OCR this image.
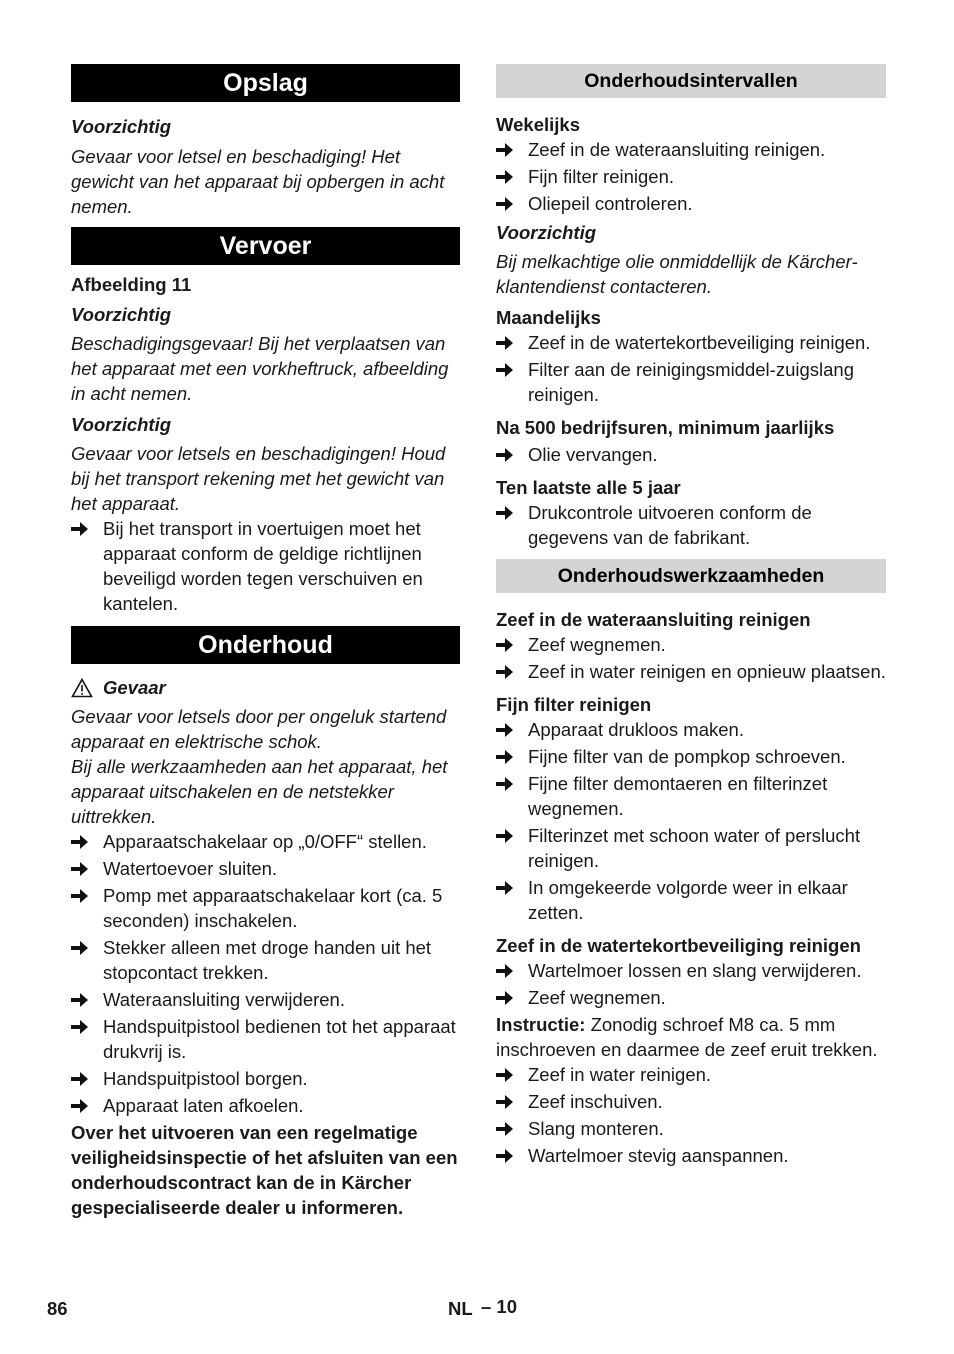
Opslag
Voorzichtig
Gevaar voor letsel en beschadiging! Het gewicht van het apparaat bij opbergen in acht nemen.
Vervoer
Afbeelding 11
Voorzichtig
Beschadigingsgevaar! Bij het verplaatsen van het apparaat met een vorkheftruck, afbeelding in acht nemen.
Voorzichtig
Gevaar voor letsels en beschadigingen! Houd bij het transport rekening met het gewicht van het apparaat.
Bij het transport in voertuigen moet het apparaat conform de geldige richtlijnen beveiligd worden tegen verschuiven en kantelen.
Onderhoud
Gevaar
Gevaar voor letsels door per ongeluk startend apparaat en elektrische schok.
Bij alle werkzaamheden aan het apparaat, het apparaat uitschakelen en de netstekker uittrekken.
Apparaatschakelaar op „0/OFF“ stellen.
Watertoevoer sluiten.
Pomp met apparaatschakelaar kort (ca. 5 seconden) inschakelen.
Stekker alleen met droge handen uit het stopcontact trekken.
Wateraansluiting verwijderen.
Handspuitpistool bedienen tot het apparaat drukvrij is.
Handspuitpistool borgen.
Apparaat laten afkoelen.
Over het uitvoeren van een regelmatige veiligheidsinspectie of het afsluiten van een onderhoudscontract kan de in Kärcher gespecialiseerde dealer u informeren.
Onderhoudsintervallen
Wekelijks
Zeef in de wateraansluiting reinigen.
Fijn filter reinigen.
Oliepeil controleren.
Voorzichtig
Bij melkachtige olie onmiddellijk de Kärcher-klantendienst contacteren.
Maandelijks
Zeef in de watertekortbeveiliging reinigen.
Filter aan de reinigingsmiddel-zuigslang reinigen.
Na 500 bedrijfsuren, minimum jaarlijks
Olie vervangen.
Ten laatste alle 5 jaar
Drukcontrole uitvoeren conform de gegevens van de fabrikant.
Onderhoudswerkzaamheden
Zeef in de wateraansluiting reinigen
Zeef wegnemen.
Zeef in water reinigen en opnieuw plaatsen.
Fijn filter reinigen
Apparaat drukloos maken.
Fijne filter van de pompkop schroeven.
Fijne filter demontaeren en filterinzet wegnemen.
Filterinzet met schoon water of perslucht reinigen.
In omgekeerde volgorde weer in elkaar zetten.
Zeef in de watertekortbeveiliging reinigen
Wartelmoer lossen en slang verwijderen.
Zeef wegnemen.
Instructie: Zonodig schroef M8 ca. 5 mm inschroeven en daarmee de zeef eruit trekken.
Zeef in water reinigen.
Zeef inschuiven.
Slang monteren.
Wartelmoer stevig aanspannen.
86	NL – 10
